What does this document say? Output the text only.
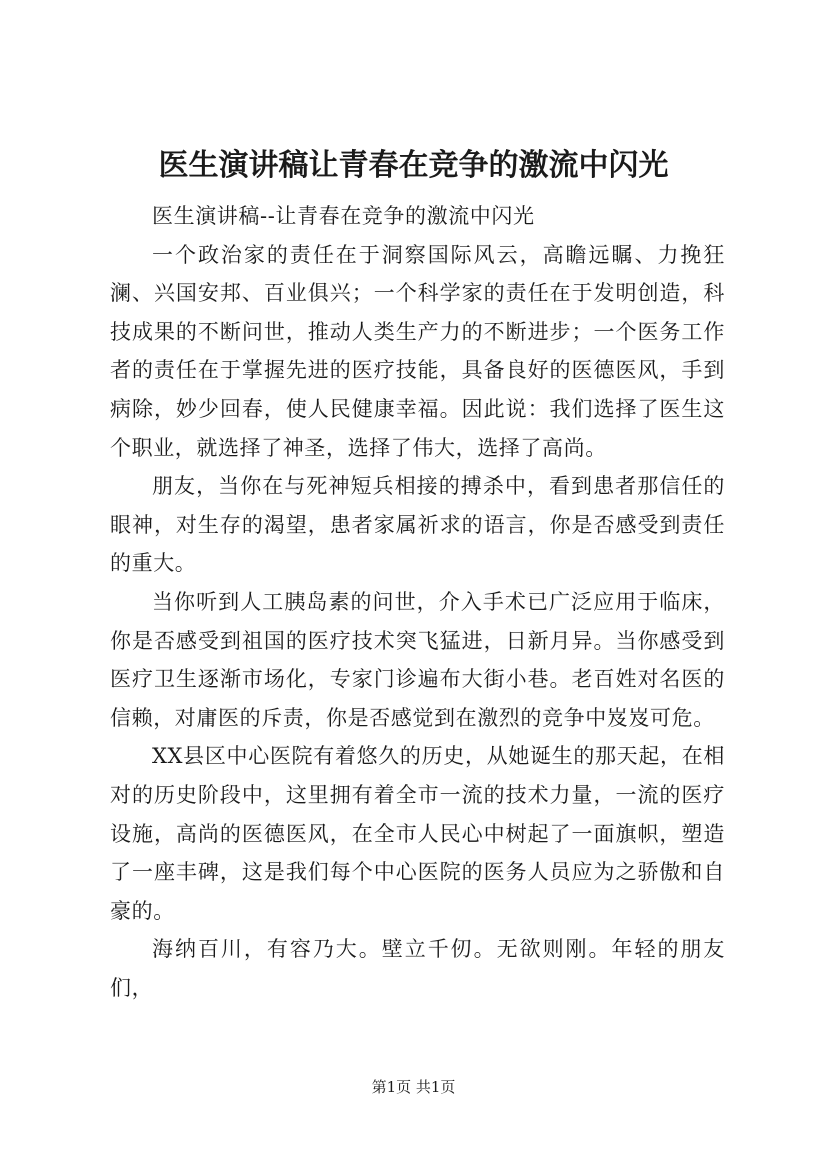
医生演讲稿让青春在竞争的激流中闪光

医生演讲稿--让青春在竞争的激流中闪光

一个政治家的责任在于洞察国际风云，高瞻远瞩、力挽狂澜、兴国安邦、百业俱兴；一个科学家的责任在于发明创造，科技成果的不断问世，推动人类生产力的不断进步；一个医务工作者的责任在于掌握先进的医疗技能，具备良好的医德医风，手到病除，妙少回春，使人民健康幸福。因此说：我们选择了医生这个职业，就选择了神圣，选择了伟大，选择了高尚。

朋友，当你在与死神短兵相接的搏杀中，看到患者那信任的眼神，对生存的渴望，患者家属祈求的语言，你是否感受到责任的重大。

当你听到人工胰岛素的问世，介入手术已广泛应用于临床，你是否感受到祖国的医疗技术突飞猛进，日新月异。当你感受到医疗卫生逐渐市场化，专家门诊遍布大街小巷。老百姓对名医的信赖，对庸医的斥责，你是否感觉到在激烈的竞争中岌岌可危。

XX县区中心医院有着悠久的历史，从她诞生的那天起，在相对的历史阶段中，这里拥有着全市一流的技术力量，一流的医疗设施，高尚的医德医风，在全市人民心中树起了一面旗帜，塑造了一座丰碑，这是我们每个中心医院的医务人员应为之骄傲和自豪的。

海纳百川，有容乃大。壁立千仞。无欲则刚。年轻的朋友们，

第1页 共1页
